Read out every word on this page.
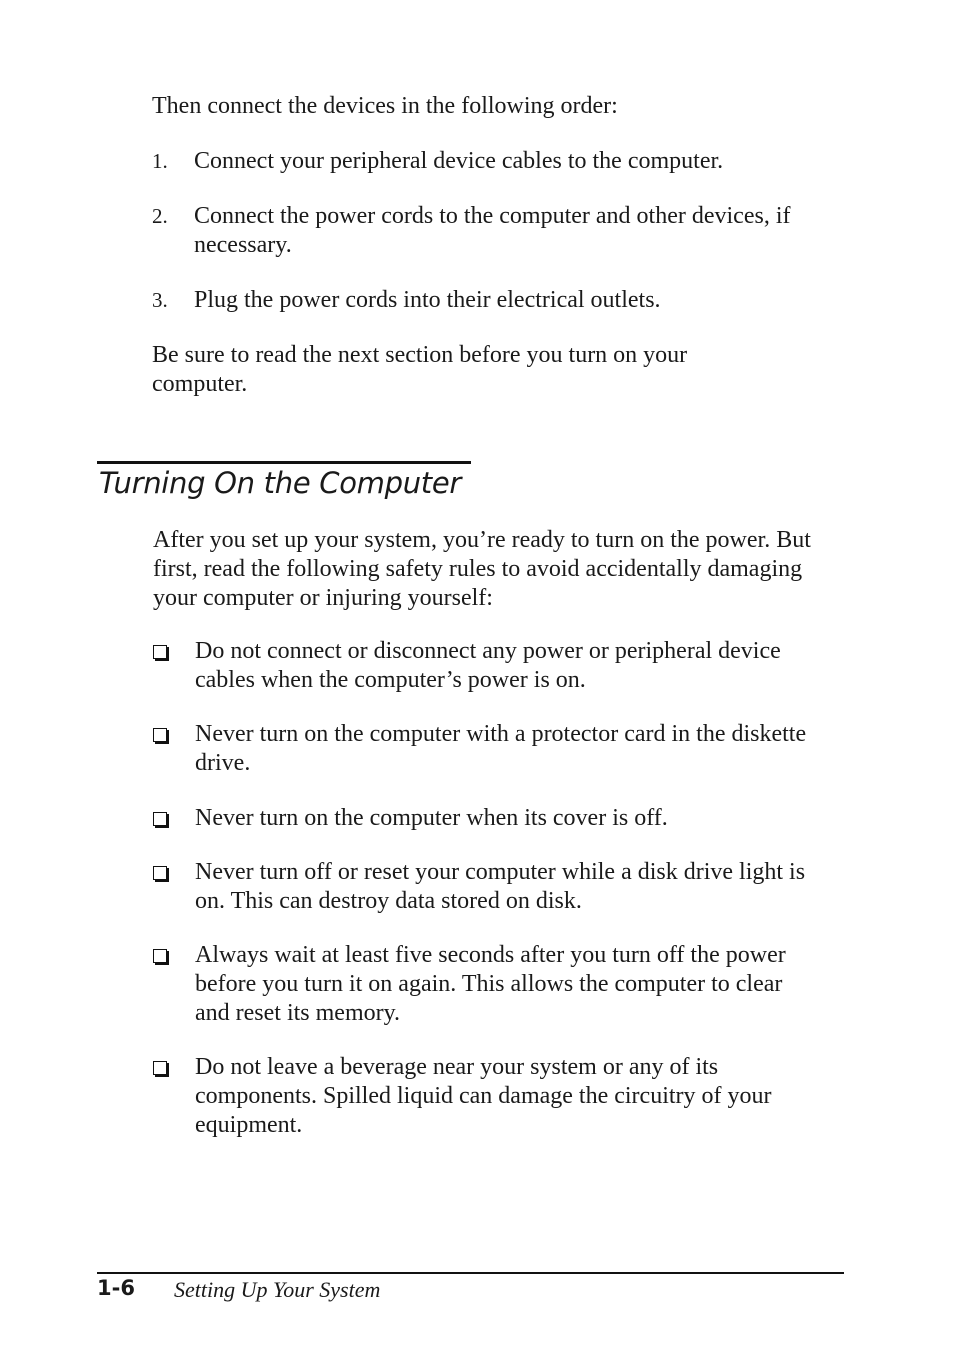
Then connect the devices in the following order:

1. Connect your peripheral device cables to the computer.
2. Connect the power cords to the computer and other devices, if necessary.
3. Plug the power cords into their electrical outlets.

Be sure to read the next section before you turn on your computer.

Turning On the Computer

After you set up your system, you’re ready to turn on the power. But first, read the following safety rules to avoid accidentally damaging your computer or injuring yourself:

Do not connect or disconnect any power or peripheral device cables when the computer’s power is on.
Never turn on the computer with a protector card in the diskette drive.
Never turn on the computer when its cover is off.
Never turn off or reset your computer while a disk drive light is on. This can destroy data stored on disk.
Always wait at least five seconds after you turn off the power before you turn it on again. This allows the computer to clear and reset its memory.
Do not leave a beverage near your system or any of its components. Spilled liquid can damage the circuitry of your equipment.
1-6 Setting Up Your System
